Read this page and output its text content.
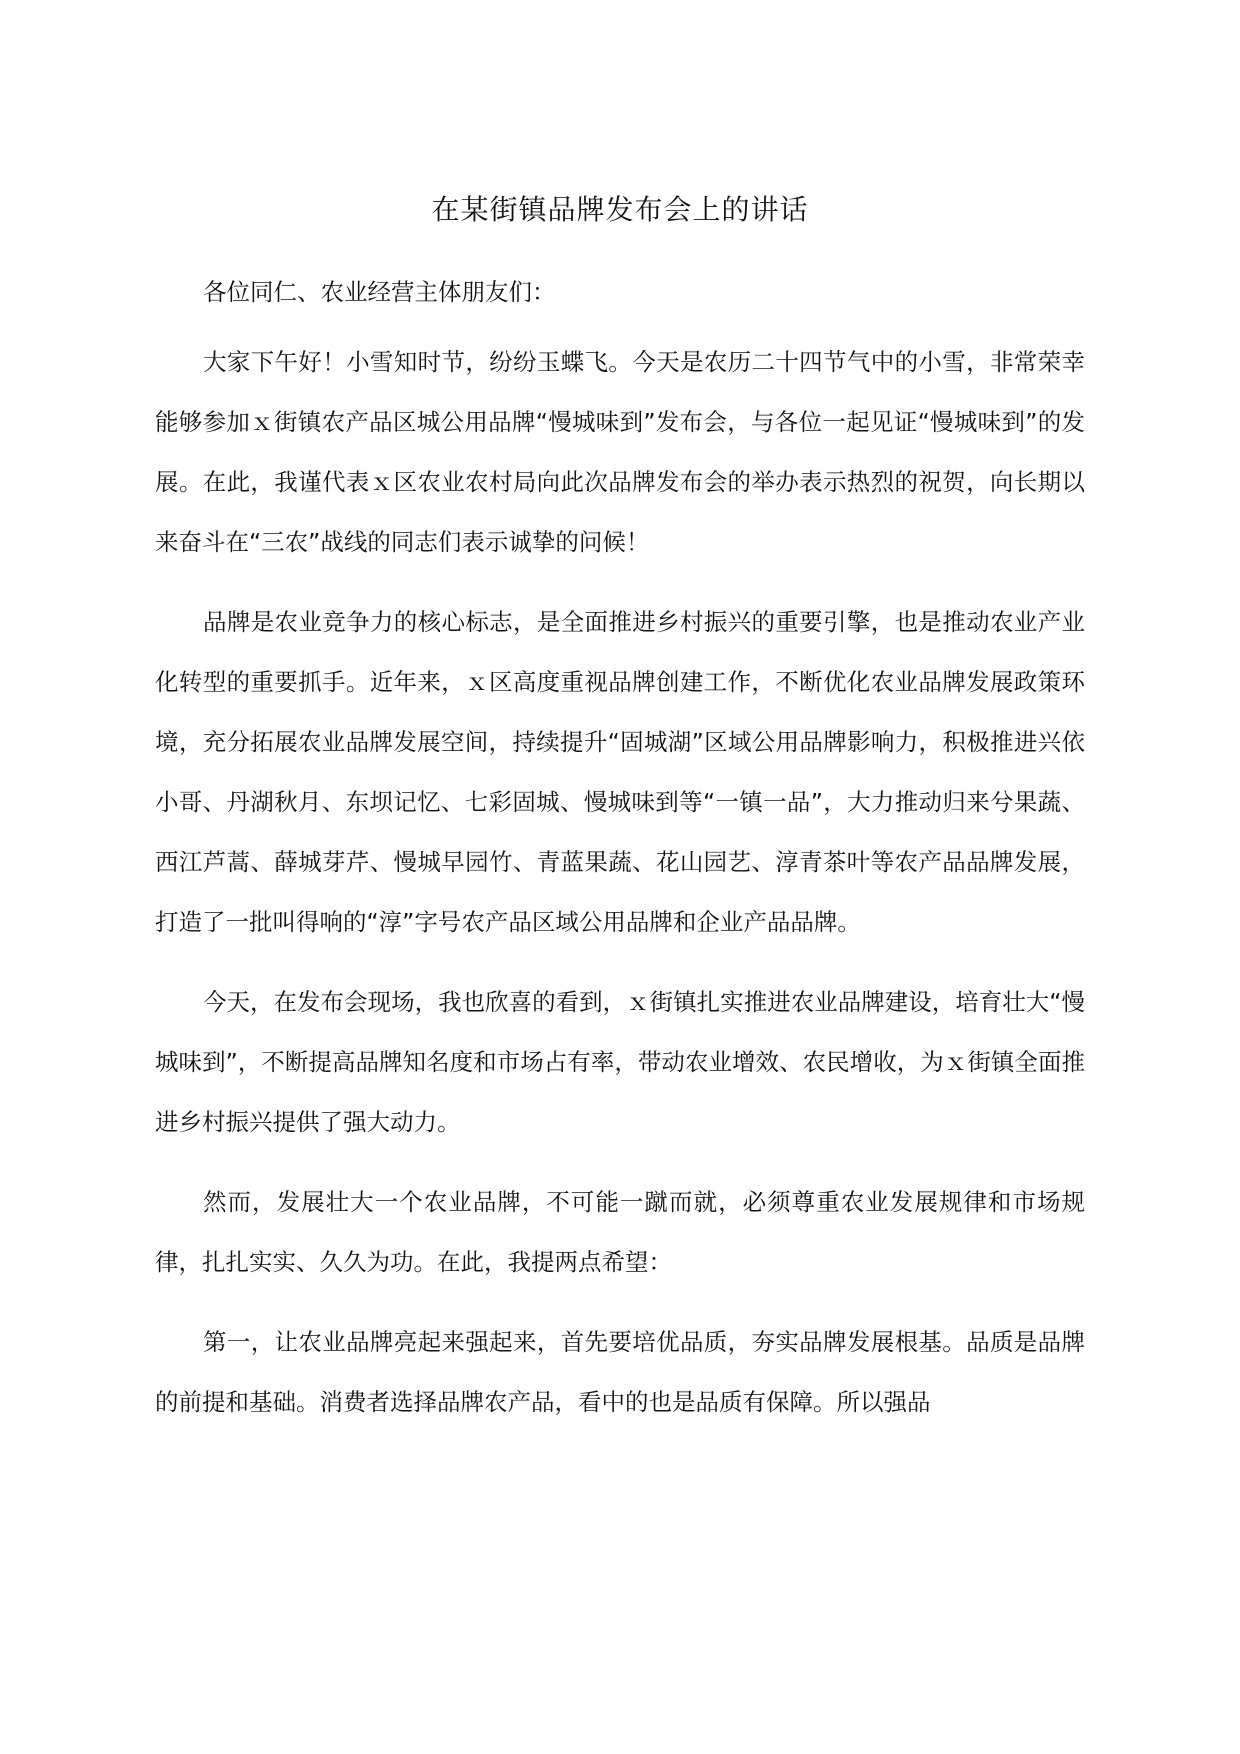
在某街镇品牌发布会上的讲话

各位同仁、农业经营主体朋友们：

大家下午好！小雪知时节，纷纷玉蝶飞。今天是农历二十四节气中的小雪，非常荣幸能够参加ｘ街镇农产品区城公用品牌“慢城味到”发布会，与各位一起见证“慢城味到”的发展。在此，我谨代表ｘ区农业农村局向此次品牌发布会的举办表示热烈的祝贺，向长期以来奋斗在“三农”战线的同志们表示诚挚的问候！

品牌是农业竞争力的核心标志，是全面推进乡村振兴的重要引擎，也是推动农业产业化转型的重要抓手。近年来，ｘ区高度重视品牌创建工作，不断优化农业品牌发展政策环境，充分拓展农业品牌发展空间，持续提升“固城湖”区域公用品牌影响力，积极推进兴依小哥、丹湖秋月、东坝记忆、七彩固城、慢城味到等“一镇一品”，大力推动归来兮果蔬、西江芦蒿、薛城芽芹、慢城早园竹、青蓝果蔬、花山园艺、淳青茶叶等农产品品牌发展，打造了一批叫得响的“淳”字号农产品区域公用品牌和企业产品品牌。

今天，在发布会现场，我也欣喜的看到，ｘ街镇扎实推进农业品牌建设，培育壮大“慢城味到”，不断提高品牌知名度和市场占有率，带动农业增效、农民增收，为ｘ街镇全面推进乡村振兴提供了强大动力。

然而，发展壮大一个农业品牌，不可能一蹴而就，必须尊重农业发展规律和市场规律，扎扎实实、久久为功。在此，我提两点希望：

第一，让农业品牌亮起来强起来，首先要培优品质，夯实品牌发展根基。品质是品牌的前提和基础。消费者选择品牌农产品，看中的也是品质有保障。所以强品
